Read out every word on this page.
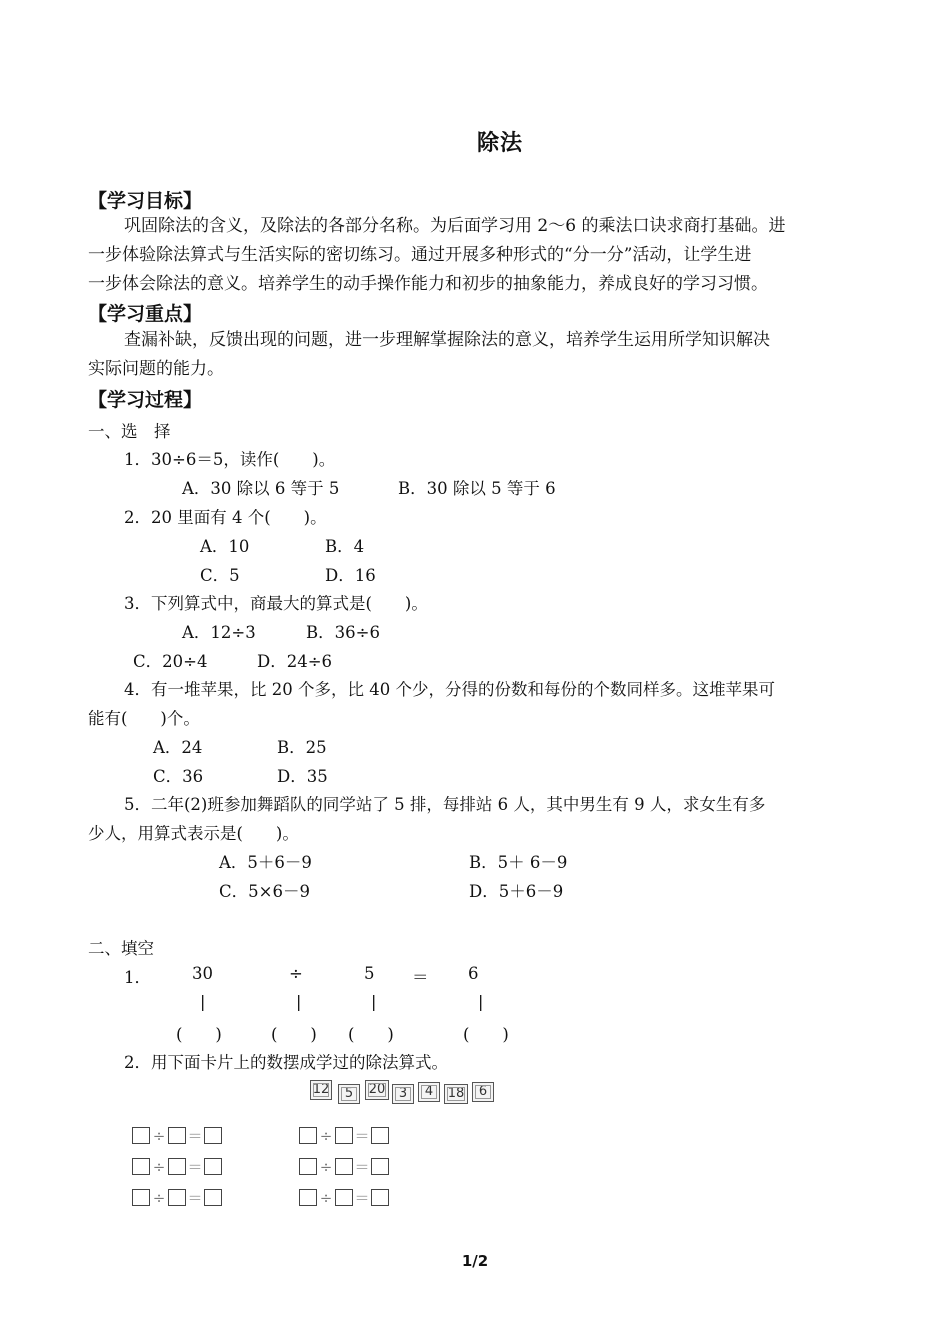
除法
【学习目标】
巩固除法的含义，及除法的各部分名称。为后面学习用 2～6 的乘法口诀求商打基础。进
一步体验除法算式与生活实际的密切练习。通过开展多种形式的“分一分”活动，让学生进
一步体会除法的意义。培养学生的动手操作能力和初步的抽象能力，养成良好的学习习惯。
【学习重点】
查漏补缺，反馈出现的问题，进一步理解掌握除法的意义，培养学生运用所学知识解决
实际问题的能力。
【学习过程】
一、选　择
1．30÷6＝5，读作(　　)。
A．30 除以 6 等于 5	B．30 除以 5 等于 6
2．20 里面有 4 个(　　)。
A．10	B．4
C．5	D．16
3．下列算式中，商最大的算式是(　　)。
A．12÷3	B．36÷6
C．20÷4	D．24÷6
4．有一堆苹果，比 20 个多，比 40 个少，分得的份数和每份的个数同样多。这堆苹果可
能有(　　)个。
A．24	B．25
C．36	D．35
5．二年(2)班参加舞蹈队的同学站了 5 排，每排站 6 人，其中男生有 9 人，求女生有多
少人，用算式表示是(　　)。
A．5＋6－9	B．5＋ 6－9
C．5×6－9	D．5＋6－9
二、填空
1． 30	÷	5 ＝ 6
|	|	|	|
(　　)	(　　) (　　)	(　　)
2．用下面卡片上的数摆成学过的除法算式。
12	5	20	3	4	18	6
÷ ＝	÷ ＝
÷ ＝	÷ ＝
÷ ＝	÷ ＝
1/2
